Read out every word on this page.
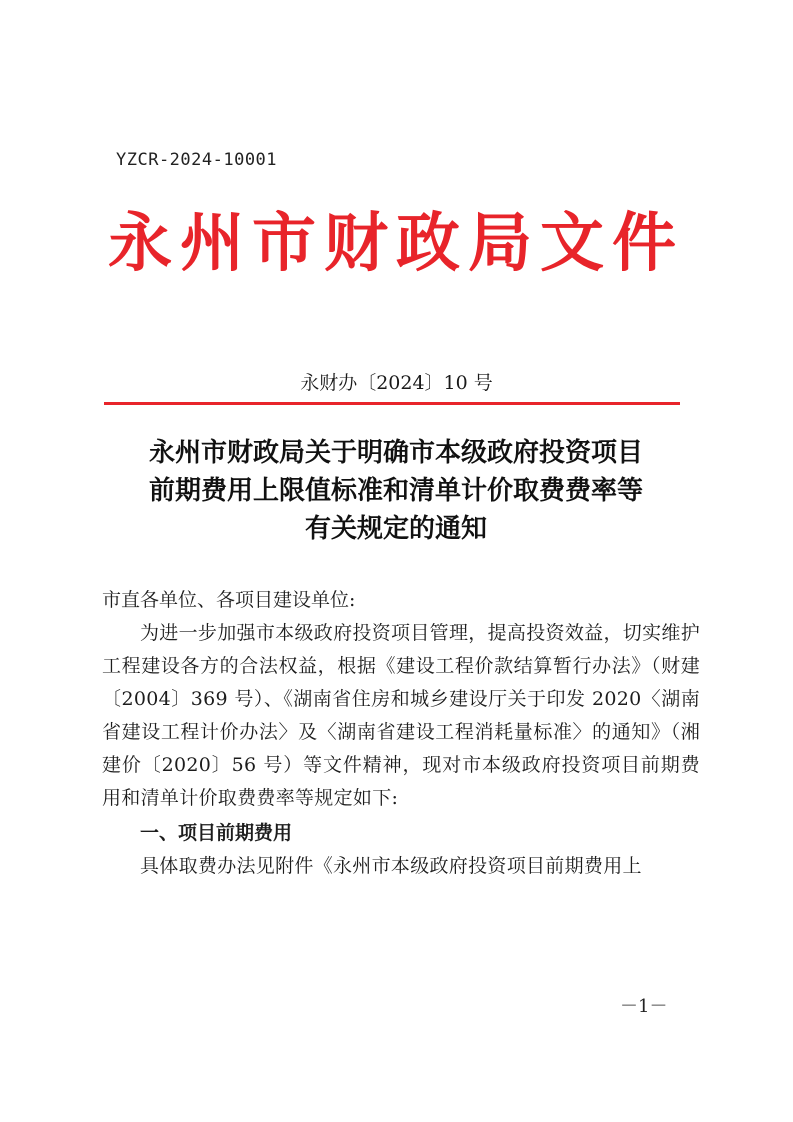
YZCR-2024-10001
永州市财政局文件
永财办〔2024〕10 号
永州市财政局关于明确市本级政府投资项目
前期费用上限值标准和清单计价取费费率等
有关规定的通知
市直各单位、各项目建设单位:
为进一步加强市本级政府投资项目管理，提高投资效益，切实维护工程建设各方的合法权益，根据《建设工程价款结算暂行办法》（财建〔2004〕369 号）、《湖南省住房和城乡建设厅关于印发 2020〈湖南省建设工程计价办法〉及〈湖南省建设工程消耗量标准〉的通知》（湘建价〔2020〕56 号）等文件精神，现对市本级政府投资项目前期费用和清单计价取费费率等规定如下:
一、项目前期费用
具体取费办法见附件《永州市本级政府投资项目前期费用上
－1－
